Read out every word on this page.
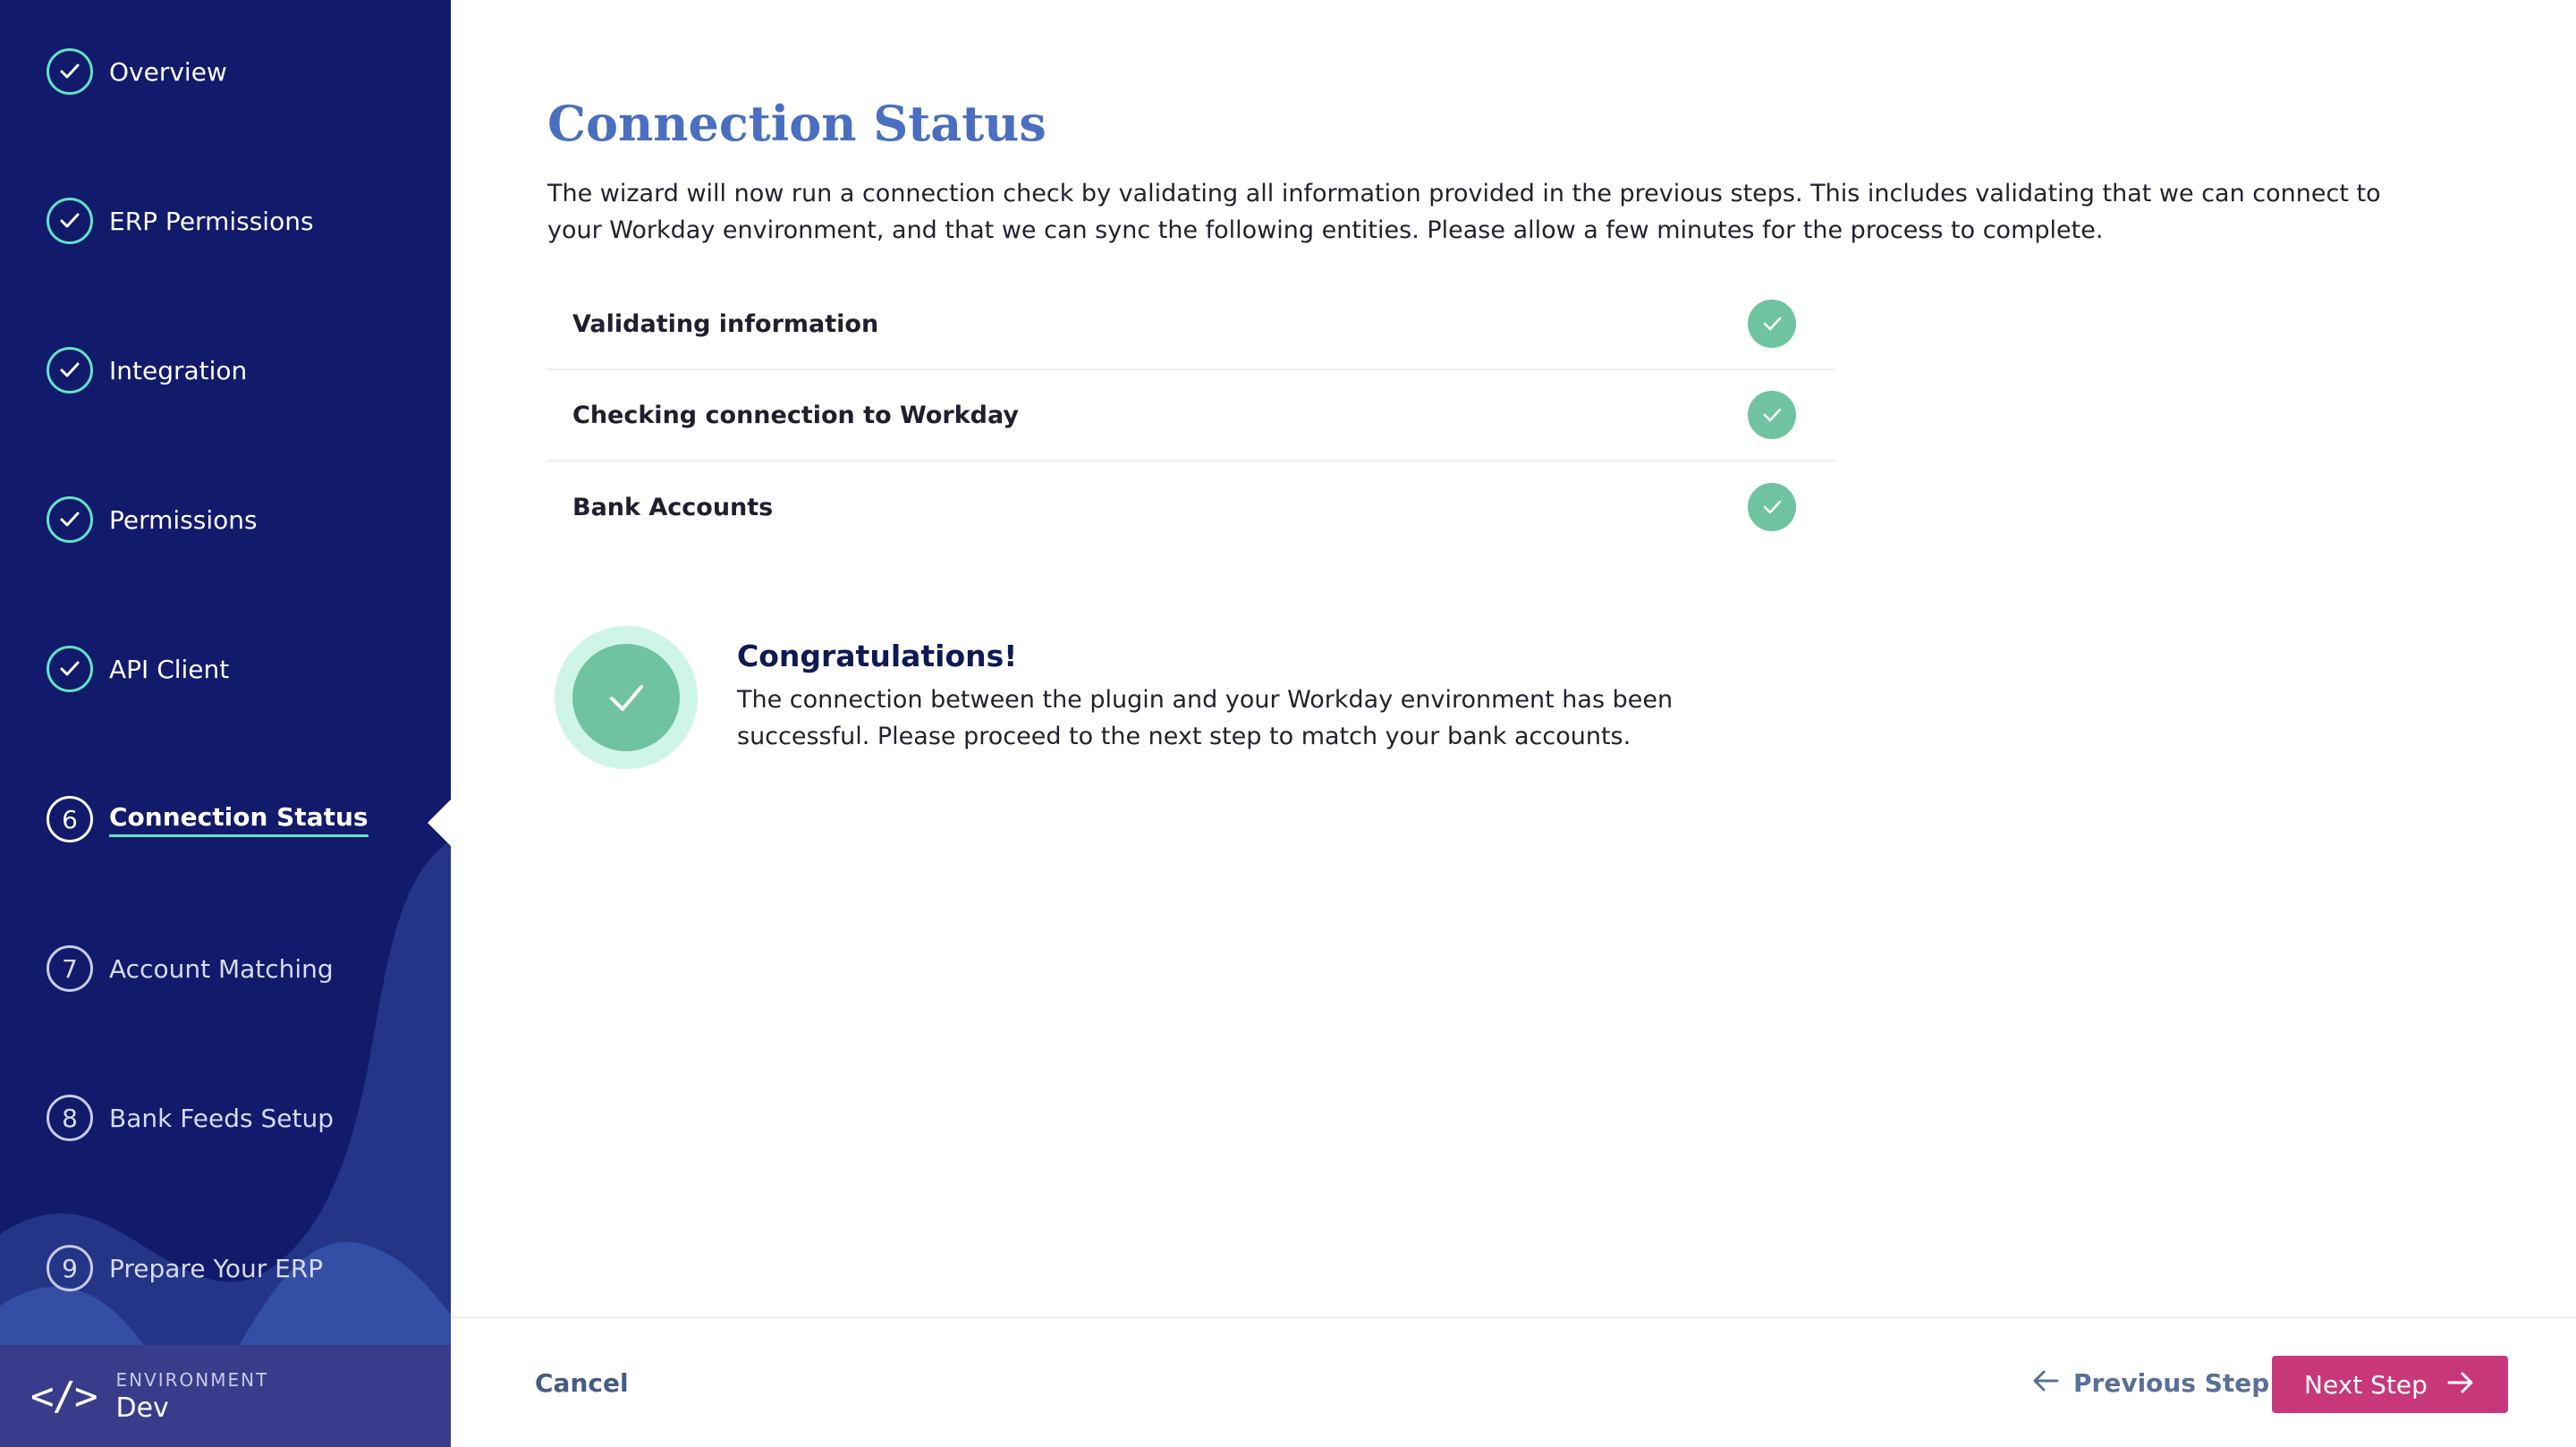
Overview
ERP Permissions
Integration
Permissions
API Client
6 Connection Status
7 Account Matching
8 Bank Feeds Setup
9 Prepare Your ERP
</> ENVIRONMENT
Dev
Connection Status

The wizard will now run a connection check by validating all information provided in the previous steps. This includes validating that we can connect to your Workday environment, and that we can sync the following entities. Please allow a few minutes for the process to complete.

Validating information
Checking connection to Workday
Bank Accounts
Congratulations!
The connection between the plugin and your Workday environment has been successful. Please proceed to the next step to match your bank accounts.
Cancel	Previous Step Next Step
